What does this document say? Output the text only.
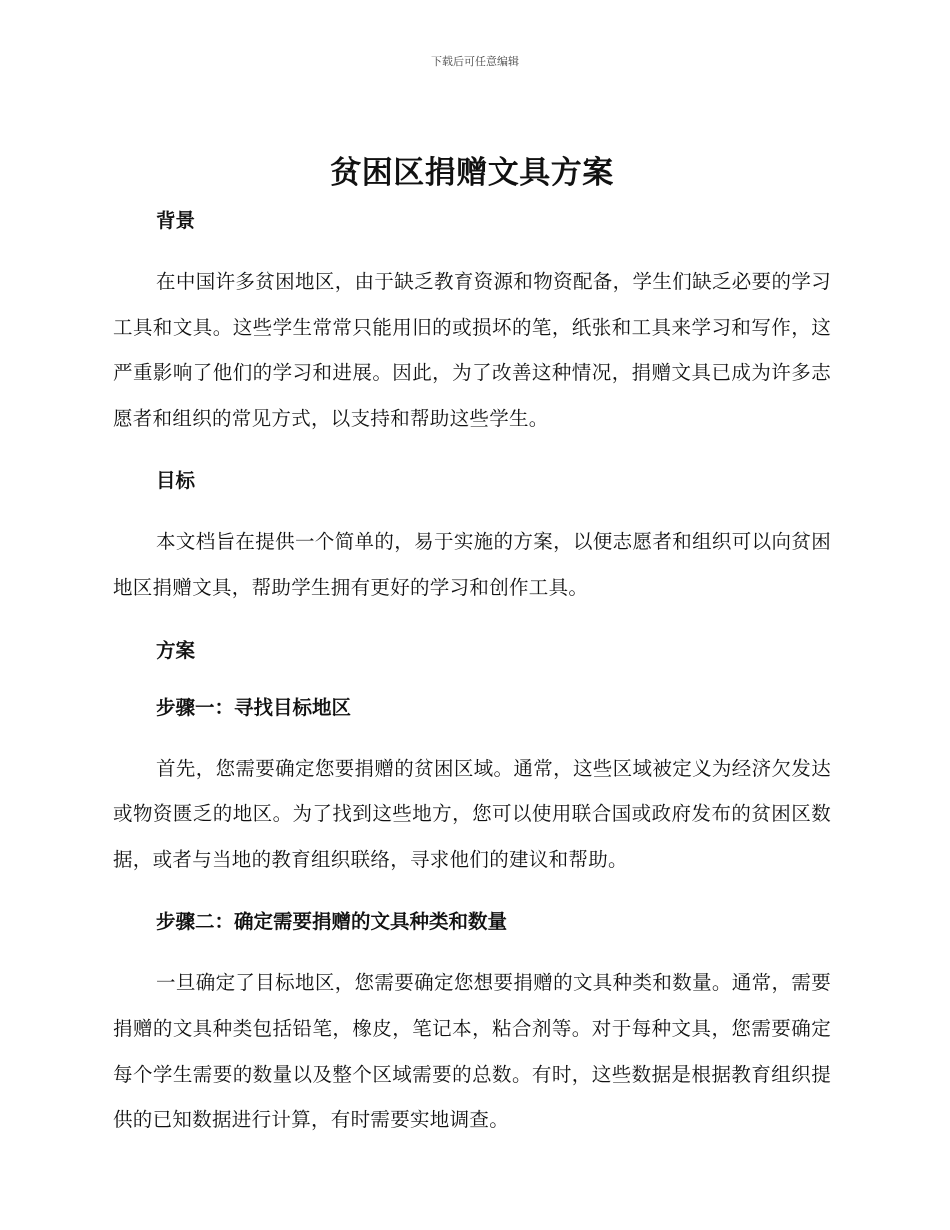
下载后可任意编辑
贫困区捐赠文具方案
背景

在中国许多贫困地区，由于缺乏教育资源和物资配备，学生们缺乏必要的学习工具和文具。这些学生常常只能用旧的或损坏的笔，纸张和工具来学习和写作，这严重影响了他们的学习和进展。因此，为了改善这种情况，捐赠文具已成为许多志愿者和组织的常见方式，以支持和帮助这些学生。

目标

本文档旨在提供一个简单的，易于实施的方案，以便志愿者和组织可以向贫困地区捐赠文具，帮助学生拥有更好的学习和创作工具。

方案
步骤一：寻找目标地区

首先，您需要确定您要捐赠的贫困区域。通常，这些区域被定义为经济欠发达或物资匮乏的地区。为了找到这些地方，您可以使用联合国或政府发布的贫困区数据，或者与当地的教育组织联络，寻求他们的建议和帮助。

步骤二：确定需要捐赠的文具种类和数量

一旦确定了目标地区，您需要确定您想要捐赠的文具种类和数量。通常，需要捐赠的文具种类包括铅笔，橡皮，笔记本，粘合剂等。对于每种文具，您需要确定每个学生需要的数量以及整个区域需要的总数。有时，这些数据是根据教育组织提供的已知数据进行计算，有时需要实地调查。
